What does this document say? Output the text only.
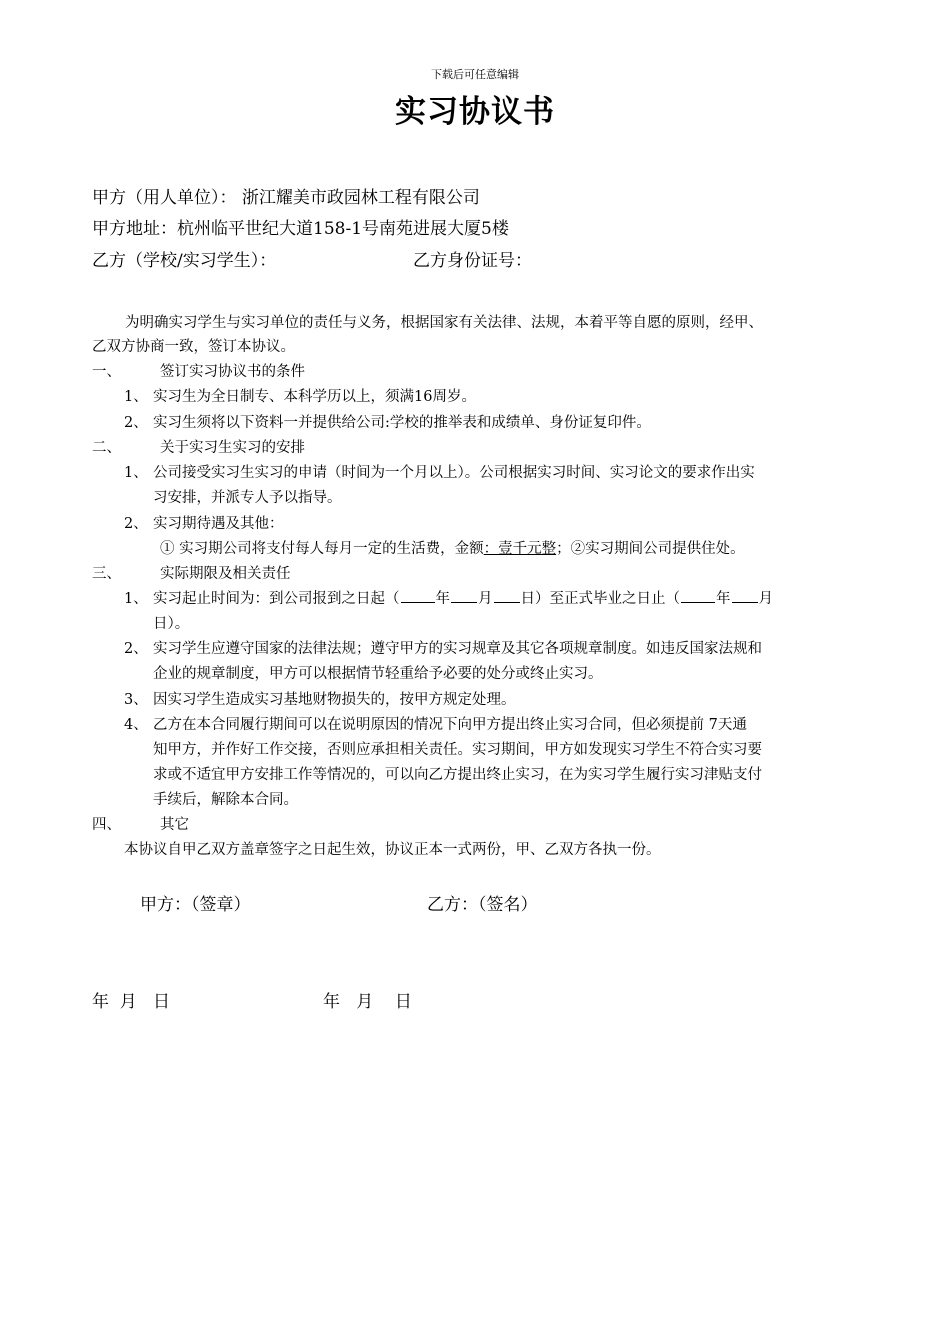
下载后可任意编辑
实习协议书
甲方（用人单位）： 浙江耀美市政园林工程有限公司
甲方地址：杭州临平世纪大道158-1号南苑进展大厦5楼
乙方（学校/实习学生）：	乙方身份证号：
为明确实习学生与实习单位的责任与义务，根据国家有关法律、法规，本着平等自愿的原则，经甲、
乙双方协商一致，签订本协议。
一、	签订实习协议书的条件
1、 实习生为全日制专、本科学历以上，须满16周岁。
2、 实习生须将以下资料一并提供给公司:学校的推举表和成绩单、身份证复印件。
二、	关于实习生实习的安排
1、 公司接受实习生实习的申请（时间为一个月以上）。公司根据实习时间、实习论文的要求作出实
习安排，并派专人予以指导。
2、 实习期待遇及其他：
① 实习期公司将支付每人每月一定的生活费，金额：壹千元整；②实习期间公司提供住处。
三、	实际期限及相关责任
1、 实习起止时间为：到公司报到之日起（ 年 月 日）至正式毕业之日止（ 年 月
日）。
2、 实习学生应遵守国家的法律法规；遵守甲方的实习规章及其它各项规章制度。如违反国家法规和
企业的规章制度，甲方可以根据情节轻重给予必要的处分或终止实习。
3、 因实习学生造成实习基地财物损失的，按甲方规定处理。
4、 乙方在本合同履行期间可以在说明原因的情况下向甲方提出终止实习合同，但必须提前 7天通
知甲方，并作好工作交接，否则应承担相关责任。实习期间，甲方如发现实习学生不符合实习要
求或不适宜甲方安排工作等情况的，可以向乙方提出终止实习，在为实习学生履行实习津贴支付
手续后，解除本合同。
四、	其它
本协议自甲乙双方盖章签字之日起生效，协议正本一式两份，甲、乙双方各执一份。
甲方：（签章）	乙方：（签名）
年  月   日	年   月    日
